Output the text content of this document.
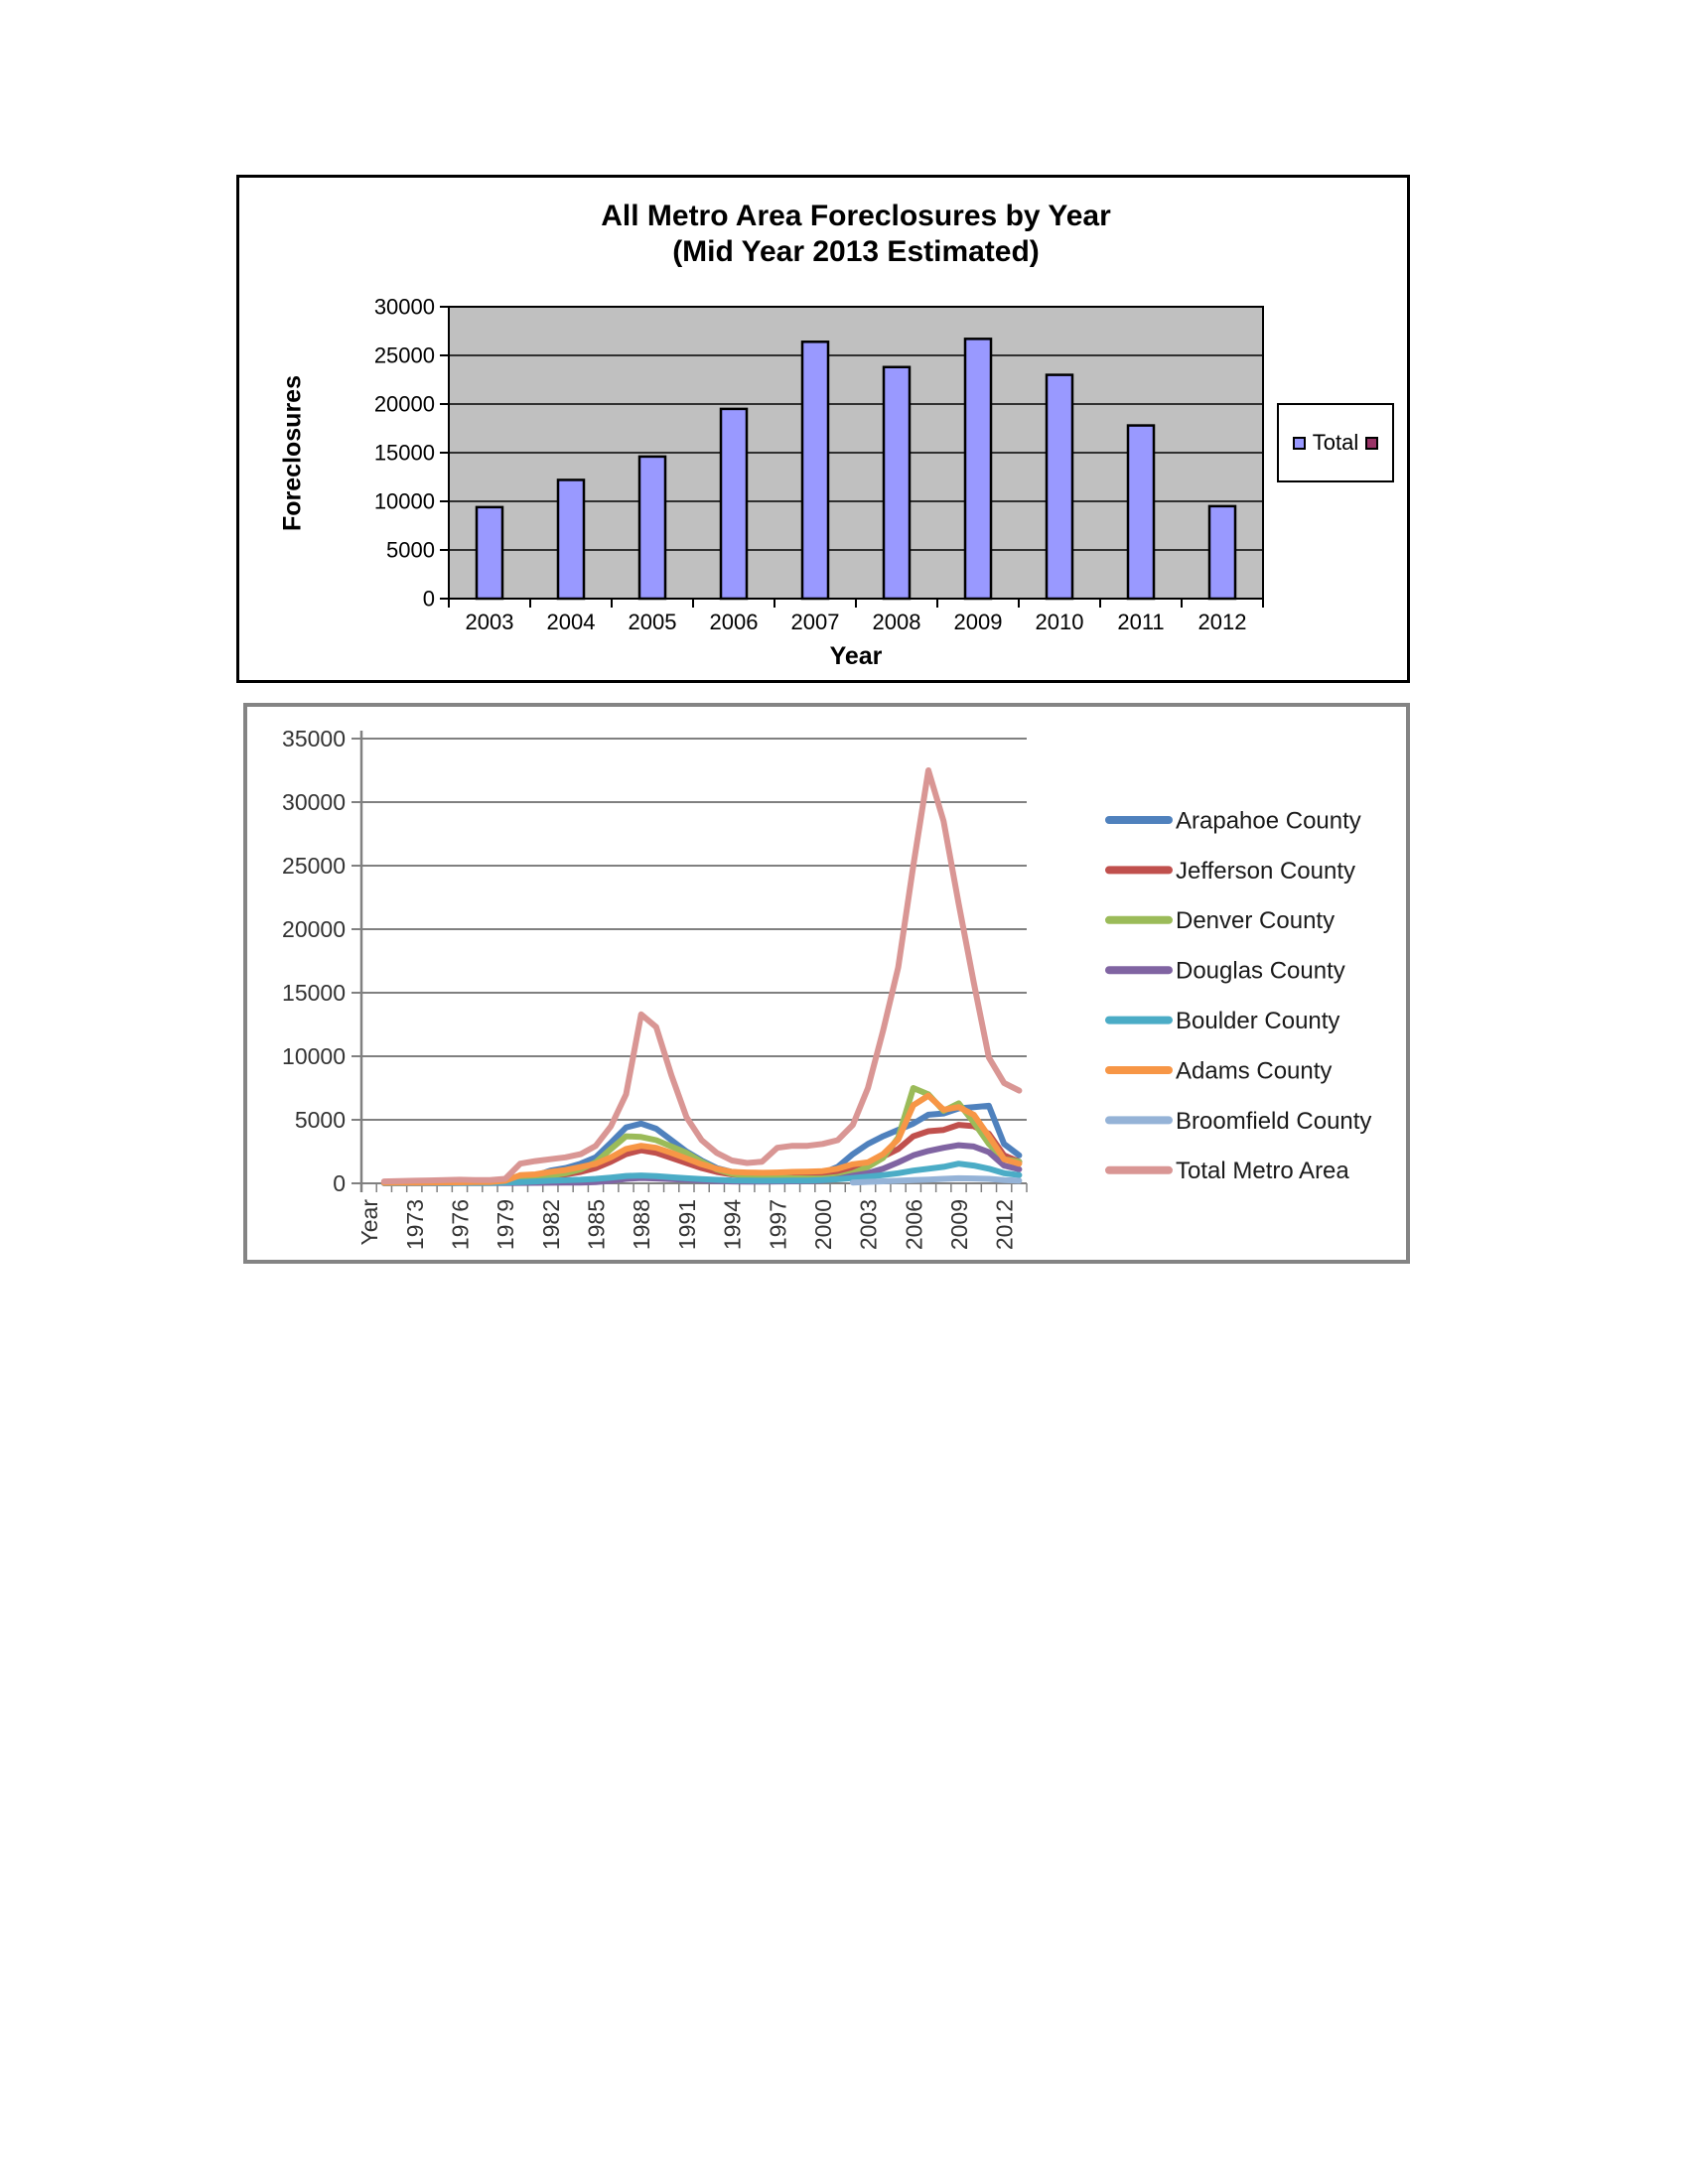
All Metro Area Foreclosures by Year
(Mid Year 2013 Estimated)
Foreclosures
0
5000
10000
15000
20000
25000
30000
2003 2004 2005 2006 2007 2008 2009 2010 2011 2012
Year
Total
0
5000
10000
15000
20000
25000
30000
35000
Year 1973 1976 1979 1982 1985 1988 1991 1994 1997 2000 2003 2006 2009 2012
Arapahoe County
Jefferson County
Denver County
Douglas County
Boulder County
Adams County
Broomfield County
Total Metro Area
